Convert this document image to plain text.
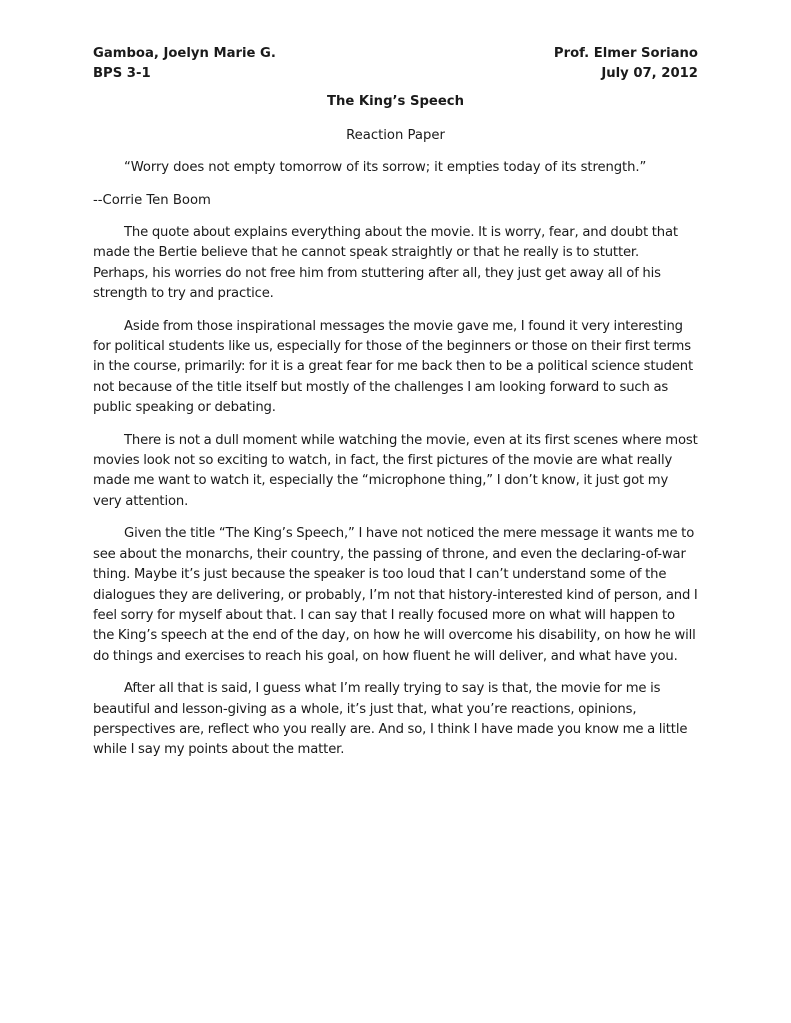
Gamboa, Joelyn Marie G.	Prof. Elmer Soriano
BPS 3-1	July 07, 2012
The King’s Speech
Reaction Paper
“Worry does not empty tomorrow of its sorrow; it empties today of its strength.”
--Corrie Ten Boom

The quote about explains everything about the movie. It is worry, fear, and doubt that made the Bertie believe that he cannot speak straightly or that he really is to stutter. Perhaps, his worries do not free him from stuttering after all, they just get away all of his strength to try and practice.

Aside from those inspirational messages the movie gave me, I found it very interesting for political students like us, especially for those of the beginners or those on their first terms in the course, primarily: for it is a great fear for me back then to be a political science student not because of the title itself but mostly of the challenges I am looking forward to such as public speaking or debating.

There is not a dull moment while watching the movie, even at its first scenes where most movies look not so exciting to watch, in fact, the first pictures of the movie are what really made me want to watch it, especially the “microphone thing,” I don’t know, it just got my very attention.

Given the title “The King’s Speech,” I have not noticed the mere message it wants me to see about the monarchs, their country, the passing of throne, and even the declaring-of-war thing. Maybe it’s just because the speaker is too loud that I can’t understand some of the dialogues they are delivering, or probably, I’m not that history-interested kind of person, and I feel sorry for myself about that. I can say that I really focused more on what will happen to the King’s speech at the end of the day, on how he will overcome his disability, on how he will do things and exercises to reach his goal, on how fluent he will deliver, and what have you.

After all that is said, I guess what I’m really trying to say is that, the movie for me is beautiful and lesson-giving as a whole, it’s just that, what you’re reactions, opinions, perspectives are, reflect who you really are. And so, I think I have made you know me a little while I say my points about the matter.
